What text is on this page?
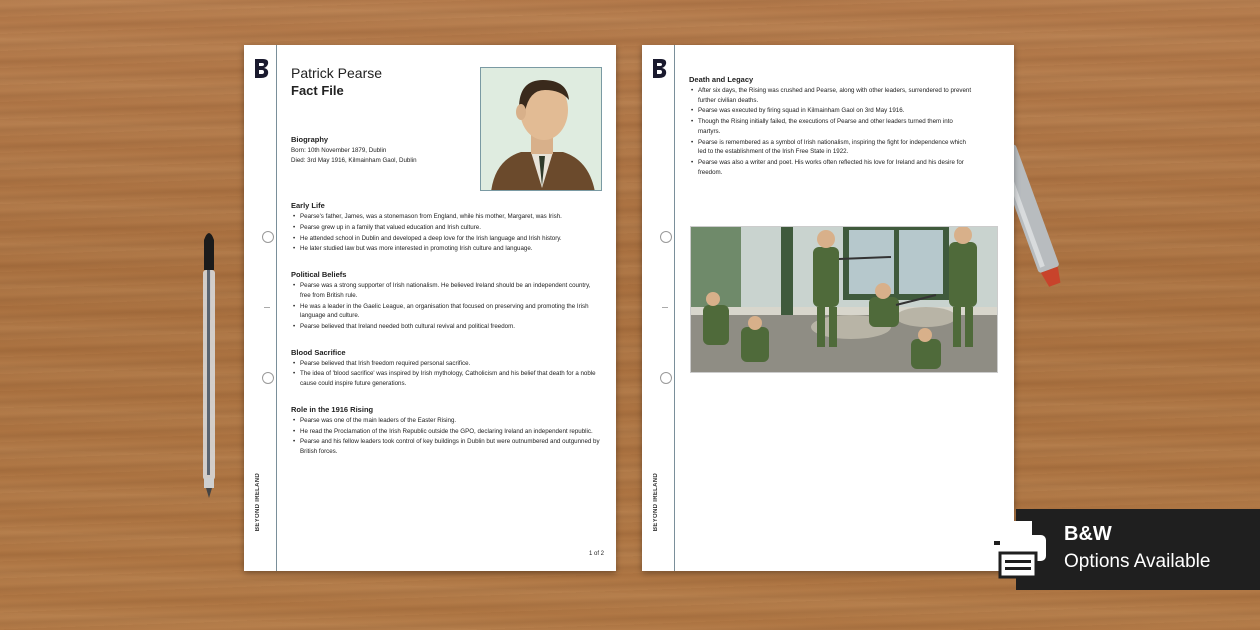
BEYOND IRELAND
Patrick Pearse
Fact File
Biography
Born: 10th November 1879, Dublin
Died: 3rd May 1916, Kilmainham Gaol, Dublin
Early Life
• Pearse's father, James, was a stonemason from England, while his mother, Margaret, was Irish.
• Pearse grew up in a family that valued education and Irish culture.
• He attended school in Dublin and developed a deep love for the Irish language and Irish history.
• He later studied law but was more interested in promoting Irish culture and language.
Political Beliefs
• Pearse was a strong supporter of Irish nationalism. He believed Ireland should be an independent country, free from British rule.
• He was a leader in the Gaelic League, an organisation that focused on preserving and promoting the Irish language and culture.
• Pearse believed that Ireland needed both cultural revival and political freedom.
Blood Sacrifice
• Pearse believed that Irish freedom required personal sacrifice.
• The idea of 'blood sacrifice' was inspired by Irish mythology, Catholicism and his belief that death for a noble cause could inspire future generations.
Role in the 1916 Rising
• Pearse was one of the main leaders of the Easter Rising.
• He read the Proclamation of the Irish Republic outside the GPO, declaring Ireland an independent republic.
• Pearse and his fellow leaders took control of key buildings in Dublin but were outnumbered and outgunned by British forces.
1 of 2
BEYOND IRELAND
Death and Legacy
• After six days, the Rising was crushed and Pearse, along with other leaders, surrendered to prevent further civilian deaths.
• Pearse was executed by firing squad in Kilmainham Gaol on 3rd May 1916.
• Though the Rising initially failed, the executions of Pearse and other leaders turned them into martyrs.
• Pearse is remembered as a symbol of Irish nationalism, inspiring the fight for independence which led to the establishment of the Irish Free State in 1922.
• Pearse was also a writer and poet. His works often reflected his love for Ireland and his desire for freedom.
B&W
Options Available
